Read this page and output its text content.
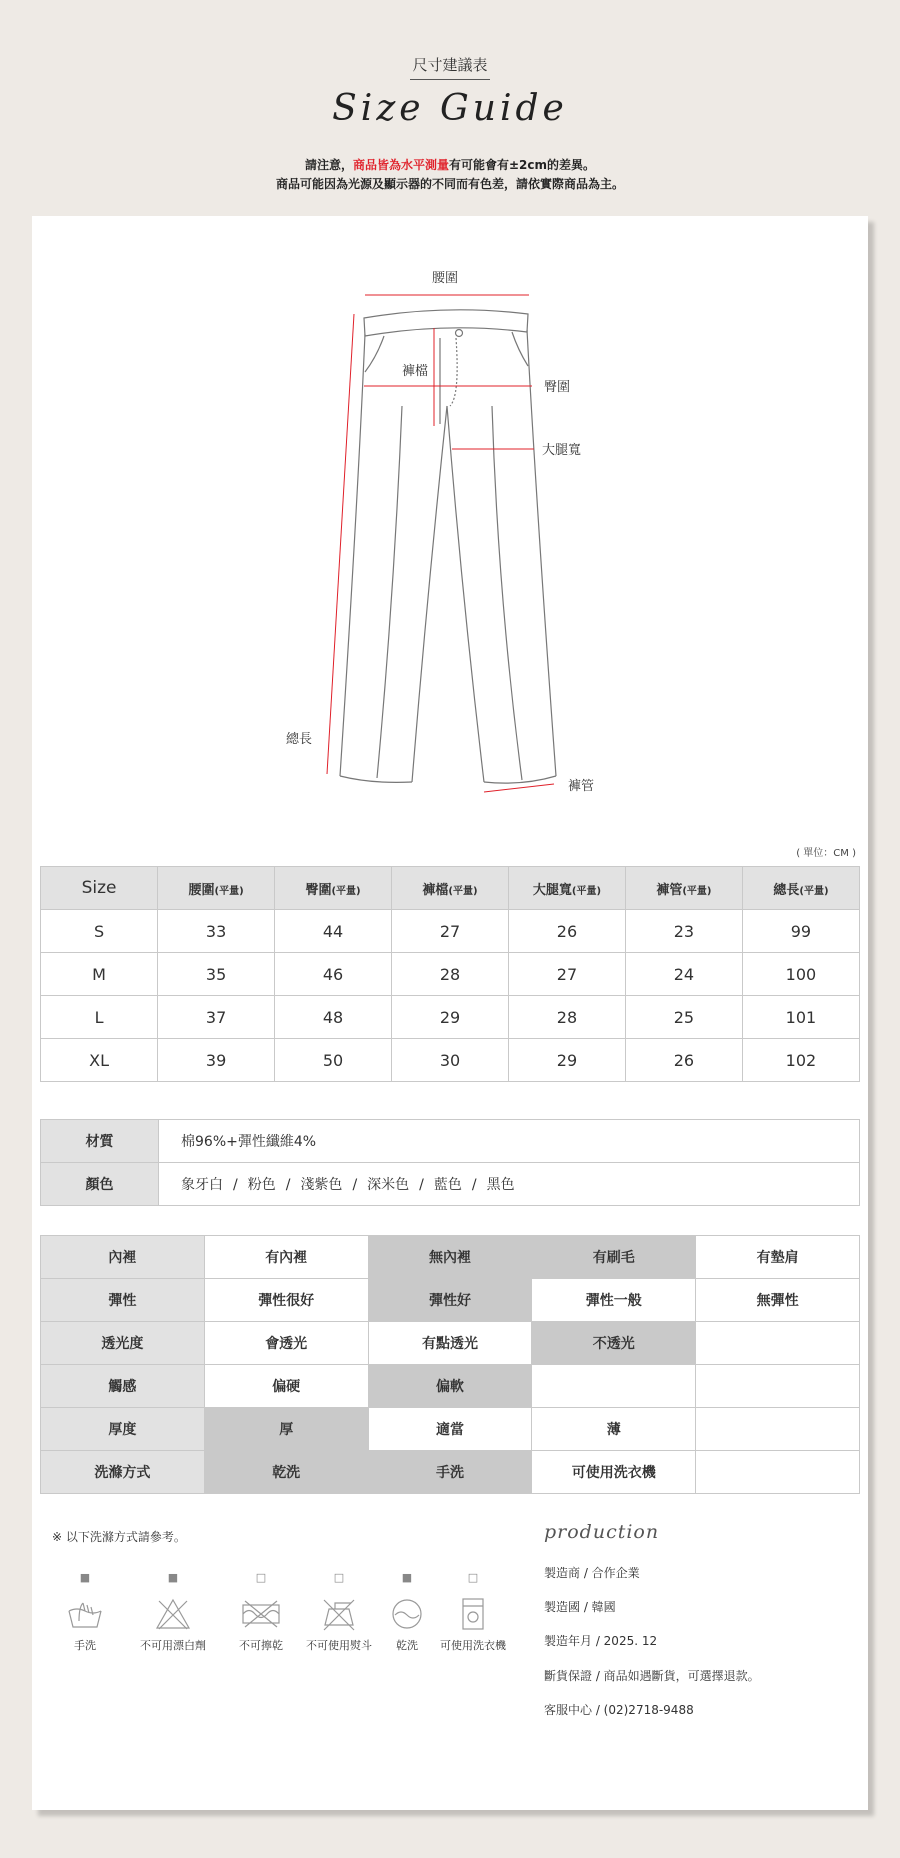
尺寸建議表
Size Guide
請注意，商品皆為水平測量有可能會有±2cm的差異。
商品可能因為光源及顯示器的不同而有色差，請依實際商品為主。
腰圍
褲檔
臀圍
大腿寬
總長
褲管
( 單位：CM )
Size	腰圍(平量)	臀圍(平量)	褲檔(平量)	大腿寬(平量)	褲管(平量)	總長(平量)
S	33	44	27	26	23	99
M	35	46	28	27	24	100
L	37	48	29	28	25	101
XL	39	50	30	29	26	102
材質	棉96%+彈性纖維4%
顏色	象牙白 / 粉色 / 淺紫色 / 深米色 / 藍色 / 黑色
內裡	有內裡	無內裡	有刷毛	有墊肩
彈性	彈性很好	彈性好	彈性一般	無彈性
透光度	會透光	有點透光	不透光	
觸感	偏硬	偏軟		
厚度	厚	適當	薄	
洗滌方式	乾洗	手洗	可使用洗衣機	
※ 以下洗滌方式請參考。
■
手洗
■
不可用漂白劑
□
不可擰乾
□
不可使用熨斗
■
乾洗
□
可使用洗衣機
production
製造商 / 合作企業
製造國 / 韓國
製造年月 / 2025. 12
斷貨保證 / 商品如遇斷貨，可選擇退款。
客服中心 / (02)2718-9488
